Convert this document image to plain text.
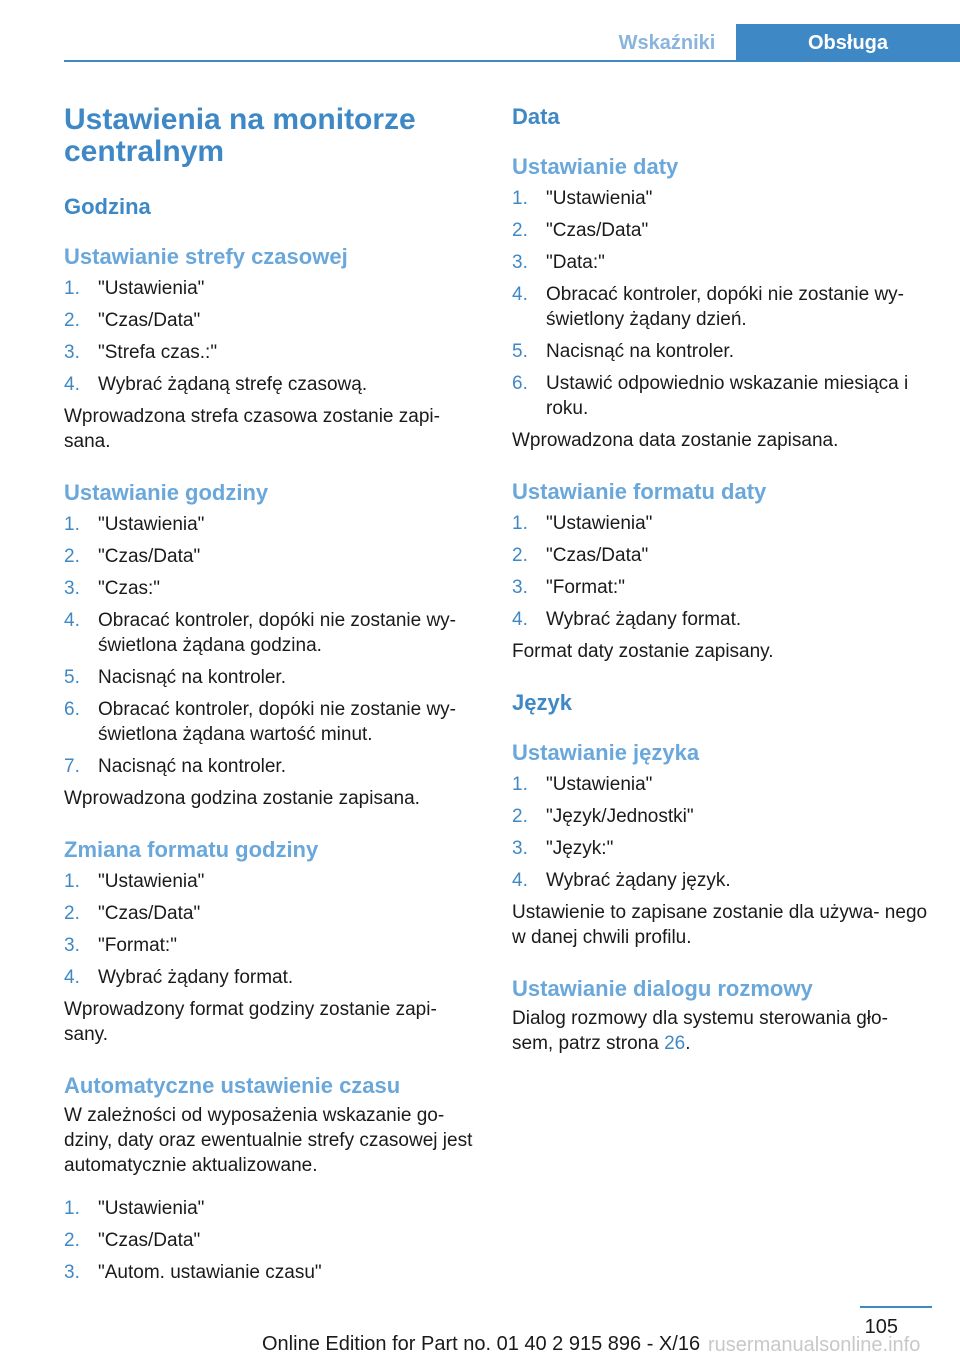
Wskaźniki	Obsługa
Ustawienia na monitorze centralnym
Godzina
Ustawianie strefy czasowej
1. "Ustawienia"
2. "Czas/Data"
3. "Strefa czas.:"
4. Wybrać żądaną strefę czasową.

Wprowadzona strefa czasowa zostanie zapi‐ sana.

Ustawianie godziny
1. "Ustawienia"
2. "Czas/Data"
3. "Czas:"
4. Obracać kontroler, dopóki nie zostanie wy‐ świetlona żądana godzina.
5. Nacisnąć na kontroler.
6. Obracać kontroler, dopóki nie zostanie wy‐ świetlona żądana wartość minut.
7. Nacisnąć na kontroler.

Wprowadzona godzina zostanie zapisana.

Zmiana formatu godziny
1. "Ustawienia"
2. "Czas/Data"
3. "Format:"
4. Wybrać żądany format.

Wprowadzony format godziny zostanie zapi‐ sany.

Automatyczne ustawienie czasu

W zależności od wyposażenia wskazanie go‐ dziny, daty oraz ewentualnie strefy czasowej jest automatycznie aktualizowane.

1. "Ustawienia"
2. "Czas/Data"
3. "Autom. ustawianie czasu"
Data
Ustawianie daty
1. "Ustawienia"
2. "Czas/Data"
3. "Data:"
4. Obracać kontroler, dopóki nie zostanie wy‐ świetlony żądany dzień.
5. Nacisnąć na kontroler.
6. Ustawić odpowiednio wskazanie miesiąca i roku.

Wprowadzona data zostanie zapisana.

Ustawianie formatu daty
1. "Ustawienia"
2. "Czas/Data"
3. "Format:"
4. Wybrać żądany format.

Format daty zostanie zapisany.

Język
Ustawianie języka
1. "Ustawienia"
2. "Język/Jednostki"
3. "Język:"
4. Wybrać żądany język.

Ustawienie to zapisane zostanie dla używa‐ nego w danej chwili profilu.

Ustawianie dialogu rozmowy

Dialog rozmowy dla systemu sterowania gło‐ sem, patrz strona 26.

105
Online Edition for Part no. 01 40 2 915 896 - X/16 rusermanualsonline.info
